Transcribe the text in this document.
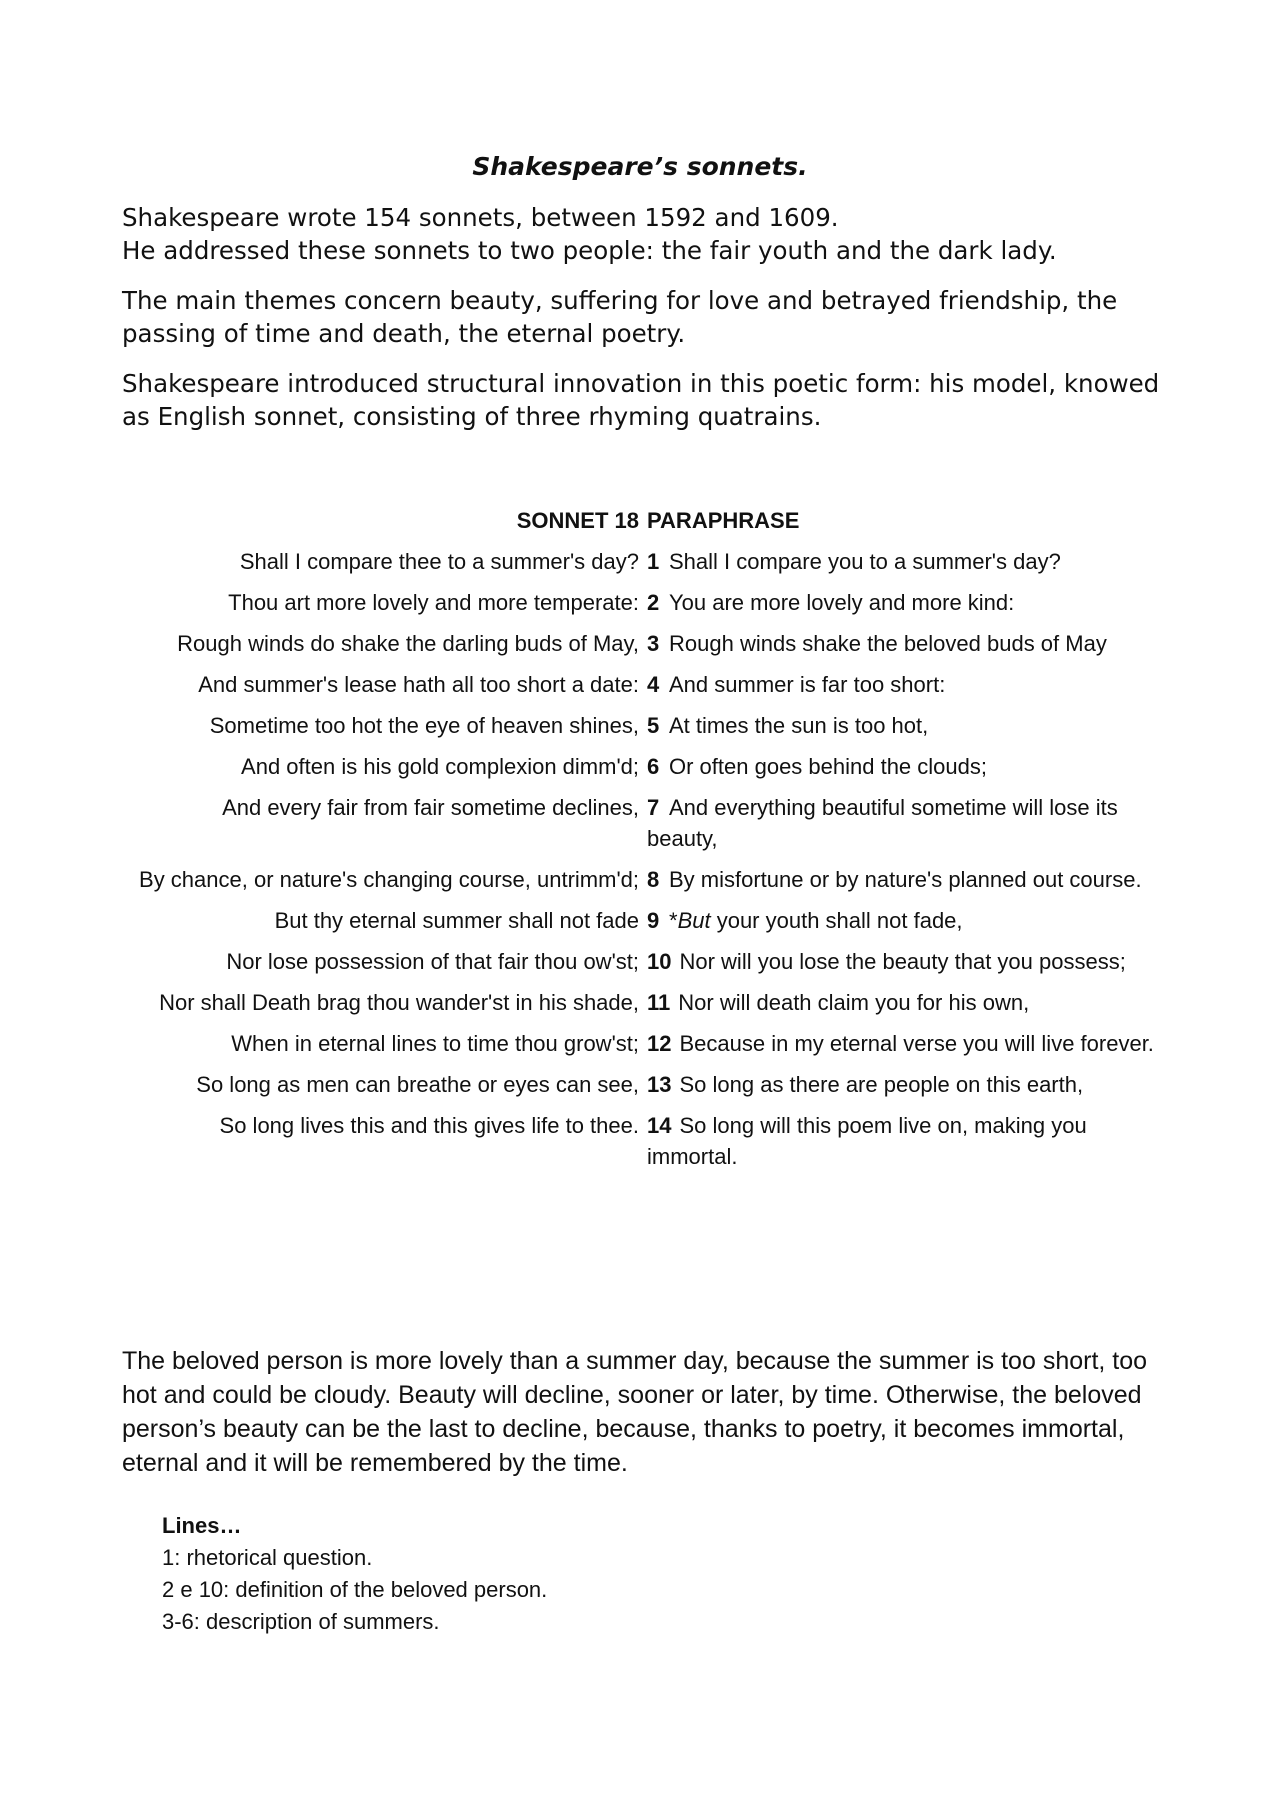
Shakespeare’s sonnets.

Shakespeare wrote 154 sonnets, between 1592 and 1609.
He addressed these sonnets to two people: the fair youth and the dark lady.

The main themes concern beauty, suffering for love and betrayed friendship, the passing of time and death, the eternal poetry.

Shakespeare introduced structural innovation in this poetic form: his model, knowed as English sonnet, consisting of three rhyming quatrains.

SONNET 18	PARAPHRASE
Shall I compare thee to a summer's day?	1 Shall I compare you to a summer's day?
Thou art more lovely and more temperate:	2 You are more lovely and more kind:
Rough winds do shake the darling buds of May,	3 Rough winds shake the beloved buds of May
And summer's lease hath all too short a date:	4 And summer is far too short:
Sometime too hot the eye of heaven shines,	5 At times the sun is too hot,
And often is his gold complexion dimm'd;	6 Or often goes behind the clouds;
And every fair from fair sometime declines,	7 And everything beautiful sometime will lose its beauty,
By chance, or nature's changing course, untrimm'd;	8 By misfortune or by nature's planned out course.
But thy eternal summer shall not fade	9 *But your youth shall not fade,
Nor lose possession of that fair thou ow'st;	10 Nor will you lose the beauty that you possess;
Nor shall Death brag thou wander'st in his shade,	11 Nor will death claim you for his own,
When in eternal lines to time thou grow'st;	12 Because in my eternal verse you will live forever.
So long as men can breathe or eyes can see,	13 So long as there are people on this earth,
So long lives this and this gives life to thee.	14 So long will this poem live on, making you immortal.

The beloved person is more lovely than a summer day, because the summer is too short, too hot and could be cloudy. Beauty will decline, sooner or later, by time. Otherwise, the beloved person’s beauty can be the last to decline, because, thanks to poetry, it becomes immortal, eternal and it will be remembered by the time.

Lines…
1: rhetorical question.
2 e 10: definition of the beloved person.
3-6: description of summers.
